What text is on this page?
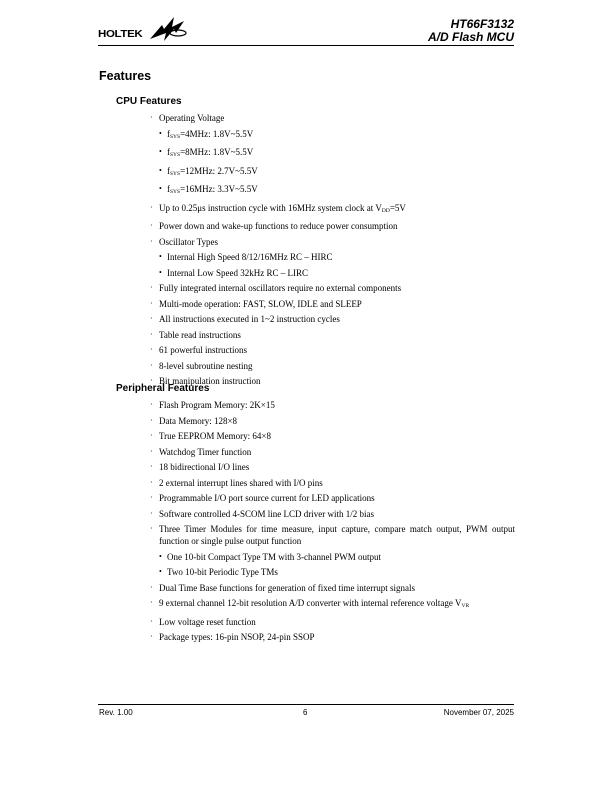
HOLTEK
HT66F3132
A/D Flash MCU
Features
CPU Features
· Operating Voltage
• $f_{SYS}=4MHz$: 1.8V~5.5V
• $f_{SYS}=8MHz$: 1.8V~5.5V
• $f_{SYS}=12MHz$: 2.7V~5.5V
• $f_{SYS}=16MHz$: 3.3V~5.5V
· Up to 0.25μs instruction cycle with 16MHz system clock at $V_{DD}=5V$
· Power down and wake-up functions to reduce power consumption
· Oscillator Types
• Internal High Speed 8/12/16MHz RC – HIRC
• Internal Low Speed 32kHz RC – LIRC
· Fully integrated internal oscillators require no external components
· Multi-mode operation: FAST, SLOW, IDLE and SLEEP
· All instructions executed in 1~2 instruction cycles
· Table read instructions
· 61 powerful instructions
· 8-level subroutine nesting
· Bit manipulation instruction
Peripheral Features
· Flash Program Memory: 2K×15
· Data Memory: 128×8
· True EEPROM Memory: 64×8
· Watchdog Timer function
· 18 bidirectional I/O lines
· 2 external interrupt lines shared with I/O pins
· Programmable I/O port source current for LED applications
· Software controlled 4-SCOM line LCD driver with 1/2 bias
· Three Timer Modules for time measure, input capture, compare match output, PWM output function or single pulse output function
• One 10-bit Compact Type TM with 3-channel PWM output
• Two 10-bit Periodic Type TMs
· Dual Time Base functions for generation of fixed time interrupt signals
· 9 external channel 12-bit resolution A/D converter with internal reference voltage $V_{VR}$
· Low voltage reset function
· Package types: 16-pin NSOP, 24-pin SSOP
Rev. 1.00	6	November 07, 2025
